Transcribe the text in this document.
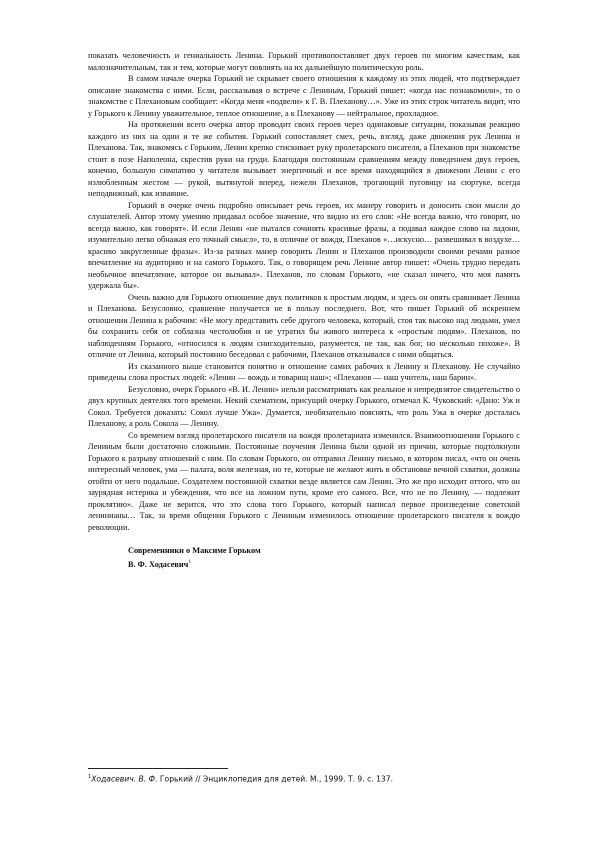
показать человечность и гениальность Ленина. Горький противопоставляет двух героев по многим качествам, как малозначительным, так и тем, которые могут повлиять на их дальнейшую политическую роль.

В самом начале очерка Горький не скрывает своего отношения к каждому из этих людей, что подтверждает описание знакомства с ними. Если, рассказывая о встрече с Лениным, Горький пишет: «когда нас познакомили», то о знакомстве с Плехановым сообщает: «Когда меня «подвели» к Г. В. Плеханову…». Уже из этих строк читатель видит, что у Горького к Ленину уважительное, теплое отношение, а к Плеханову — нейтральное, прохладное.

На протяжении всего очерка автор проводит своих героев через одинаковые ситуации, показывая реакцию каждого из них на одни и те же события. Горький сопоставляет смех, речь, взгляд, даже движения рук Ленина и Плеханова. Так, знакомясь с Горьким, Ленин крепко стискивает руку пролетарского писателя, а Плеханов при знакомстве стоит в позе Наполеона, скрестив руки на груди. Благодаря постоянным сравнениям между поведением двух героев, конечно, большую симпатию у читателя вызывает энергичный и все время находящийся в движении Ленин с его излюбленным жестом — рукой, вытянутой вперед, нежели Плеханов, трогающий пуговицу на сюртуке, всегда неподвижный, как изваяние.

Горький в очерке очень подробно описывает речь героев, их манеру говорить и доносить свои мысли до слушателей. Автор этому умению придавал особое значение, что видно из его слов: «Не всегда важно, что говорят, но всегда важно, как говорят». И если Ленин «не пытался сочинять красивые фразы, а подавал каждое слово на ладони, изумительно легко обнажая его точный смысл», то, в отличие от вождя, Плеханов «…искусно… развешивал в воздухе… красиво закругленные фразы». Из-за разных манер говорить Ленин и Плеханов производили своими речами разное впечатление на аудиторию и на самого Горького. Так, о говорящем речь Ленине автор пишет: «Очень трудно передать необычное впечатление, которое он вызывал». Плеханов, по словам Горького, «не сказал ничего, что моя память удержала бы».

Очень важно для Горького отношение двух политиков к простым людям, и здесь он опять сравнивает Ленина и Плеханова. Безусловно, сравнение получается не в пользу последнего. Вот, что пишет Горький об искреннем отношении Ленина к рабочим: «Не могу представить себе другого человека, который, стоя так высоко над людьми, умел бы сохранить себя от соблазна честолюбия и не утратил бы живого интереса к «простым людям». Плеханов, по наблюдениям Горького, «относился к людям снисходительно, разумеется, не так, как бог, но несколько похоже». В отличие от Ленина, который постоянно беседовал с рабочими, Плеханов отказывался с ними общаться.

Из сказанного выше становится понятно и отношение самих рабочих к Ленину и Плеханову. Не случайно приведены слова простых людей: «Ленин — вождь и товарищ наш»; «Плеханов — наш учитель, наш барин».

Безусловно, очерк Горького «В. И. Ленин» нельзя рассматривать как реальное и непредвзятое свидетельство о двух крупных деятелях того времени. Некий схематизм, присущий очерку Горького, отмечал К. Чуковский: «Дано: Уж и Сокол. Требуется доказать: Сокол лучше Ужа». Думается, необязательно пояснять, что роль Ужа в очерке досталась Плеханову, а роль Сокола — Ленину.

Со временем взгляд пролетарского писателя на вождя пролетариата изменился. Взаимоотношения Горького с Лениным были достаточно сложными. Постоянные поучения Ленина были одной из причин, которые подтолкнули Горького к разрыву отношений с ним. По словам Горького, он отправил Ленину письмо, в котором писал, «что он очень интересный человек, ума — палата, воля железная, но те, которые не желают жить в обстановке вечной схватки, должны отойти от него подальше. Создателем постоянной схватки везде является сам Ленин. Это же про исходит оттого, что он заурядная истерика и убеждения, что все на ложном пути, кроме его самого. Все, что не по Ленину, — подлежит проклятию». Даже не верится, что это слова того Горького, который написал первое произведение советской ленинианы… Так, за время общения Горького с Лениным изменилось отношение пролетарского писателя к вождю революции.

Современники о Максиме Горьком
В. Ф. Ходасевич$^1$
$^1$Ходасевич. В. Ф. Горький // Энциклопедия для детей. М., 1999. Т. 9. с. 137.
